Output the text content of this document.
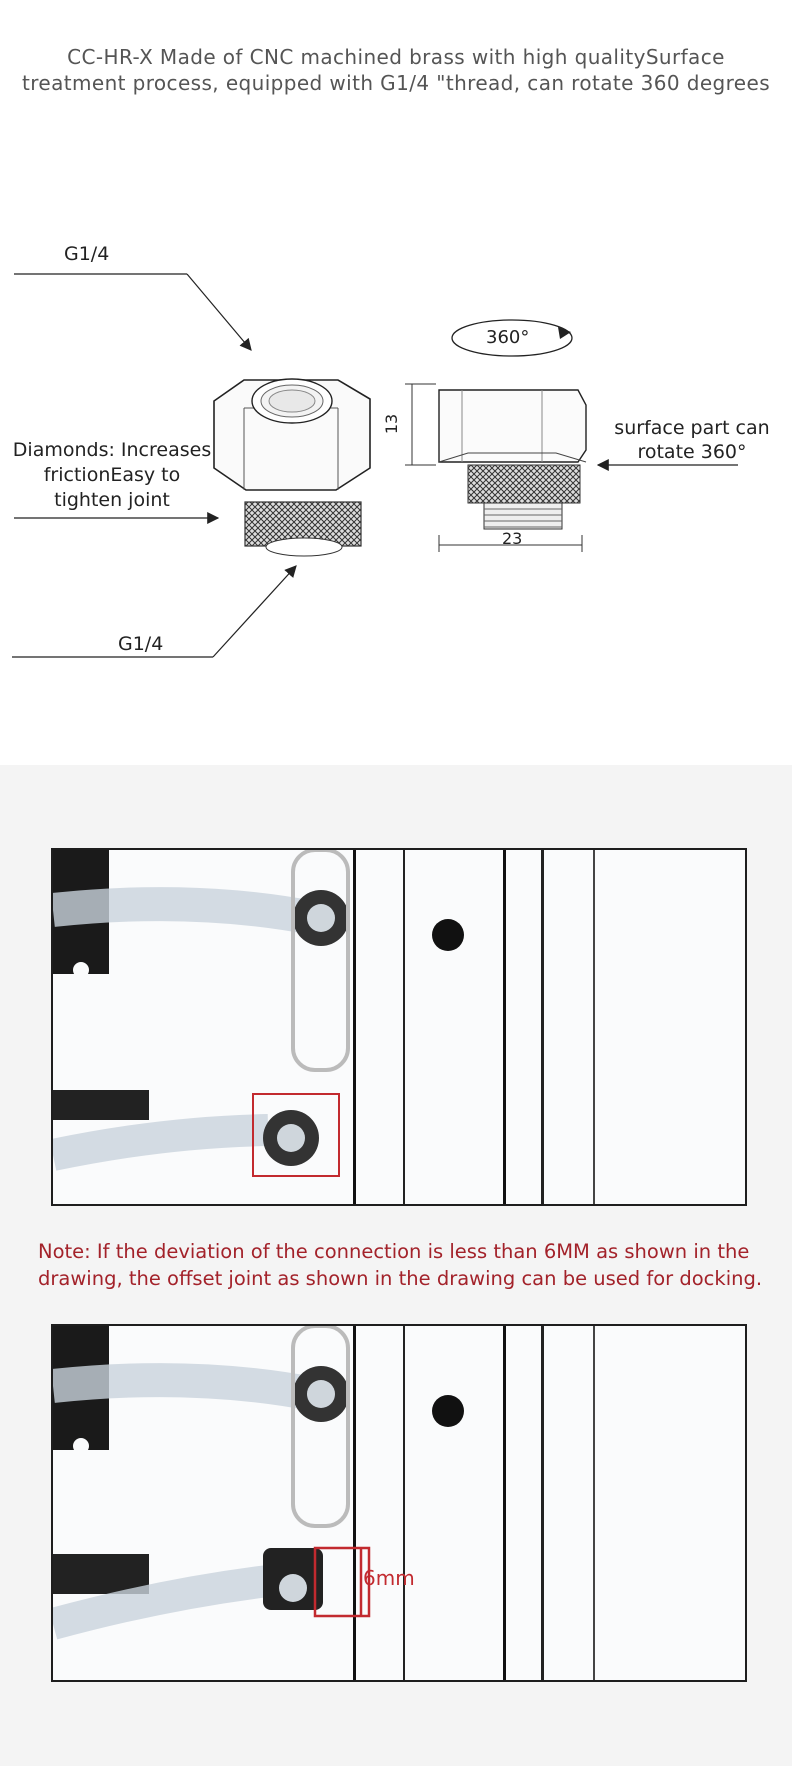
CC-HR-X Made of CNC machined brass with high qualitySurface
treatment process, equipped with G1/4 "thread, can rotate 360 degrees
G1/4
Diamonds: Increases
frictionEasy to
tighten joint
G1/4
360°
13
23
surface part can
rotate 360°
Note: If the deviation of the connection is less than 6MM as shown in the
drawing, the offset joint as shown in the drawing can be used for docking.
6mm
